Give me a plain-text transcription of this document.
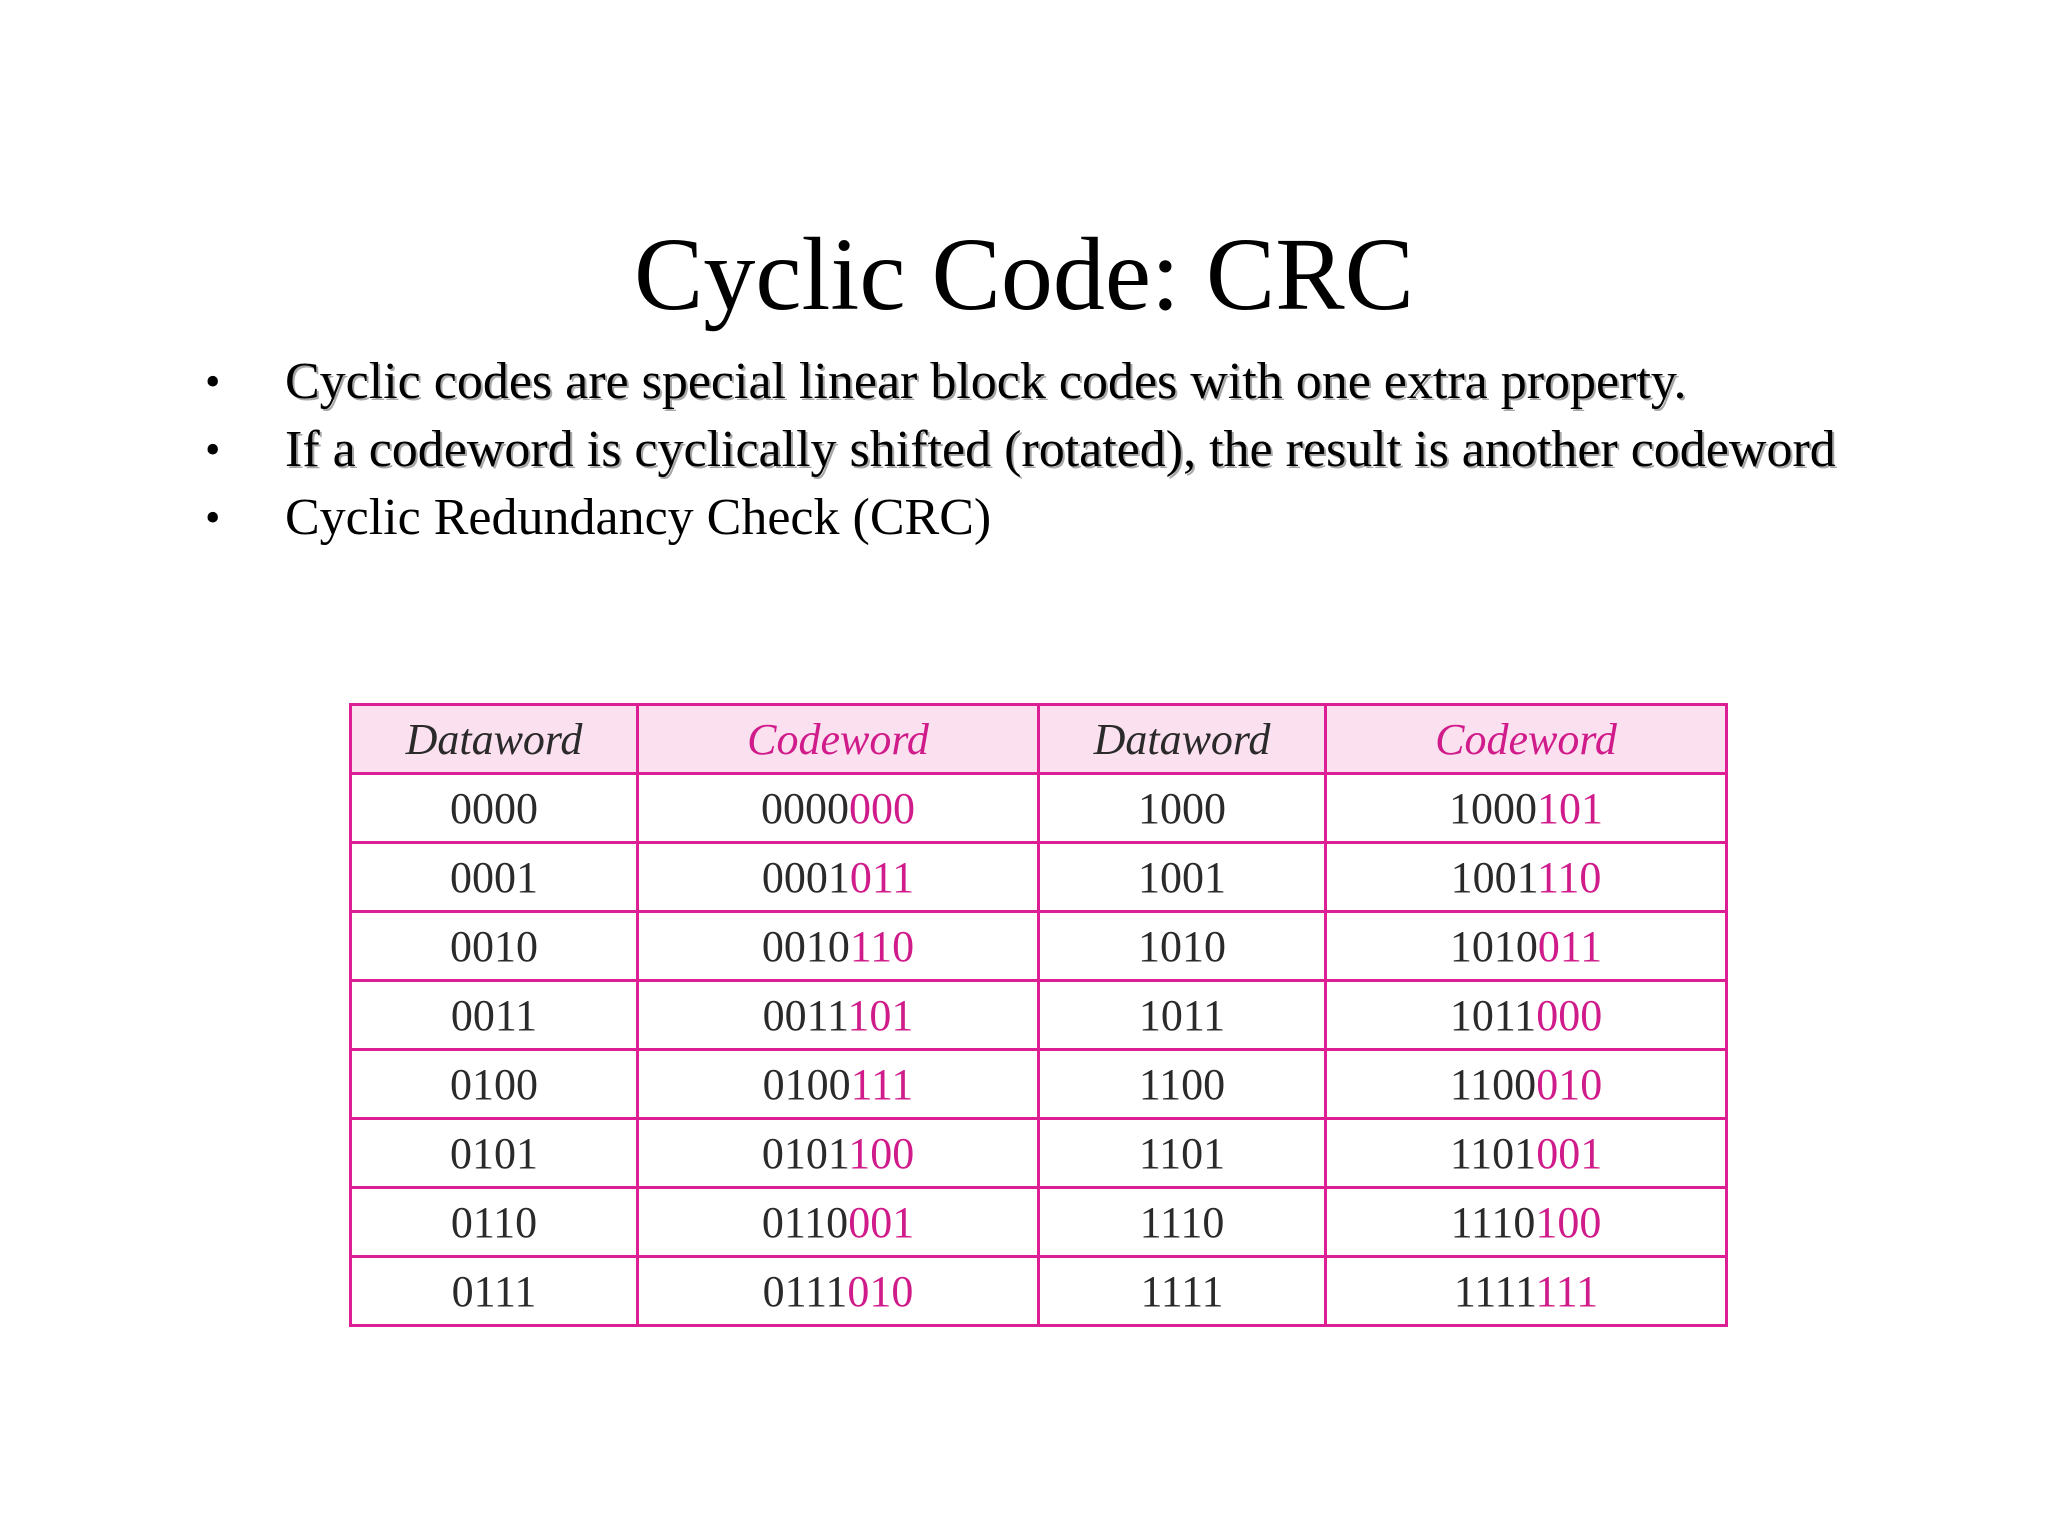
Cyclic Code: CRC
• Cyclic codes are special linear block codes with one extra property.
• If a codeword is cyclically shifted (rotated), the result is another codeword
• Cyclic Redundancy Check (CRC)
Dataword	Codeword	Dataword	Codeword
0000	0000000	1000	1000101
0001	0001011	1001	1001110
0010	0010110	1010	1010011
0011	0011101	1011	1011000
0100	0100111	1100	1100010
0101	0101100	1101	1101001
0110	0110001	1110	1110100
0111	0111010	1111	1111111
